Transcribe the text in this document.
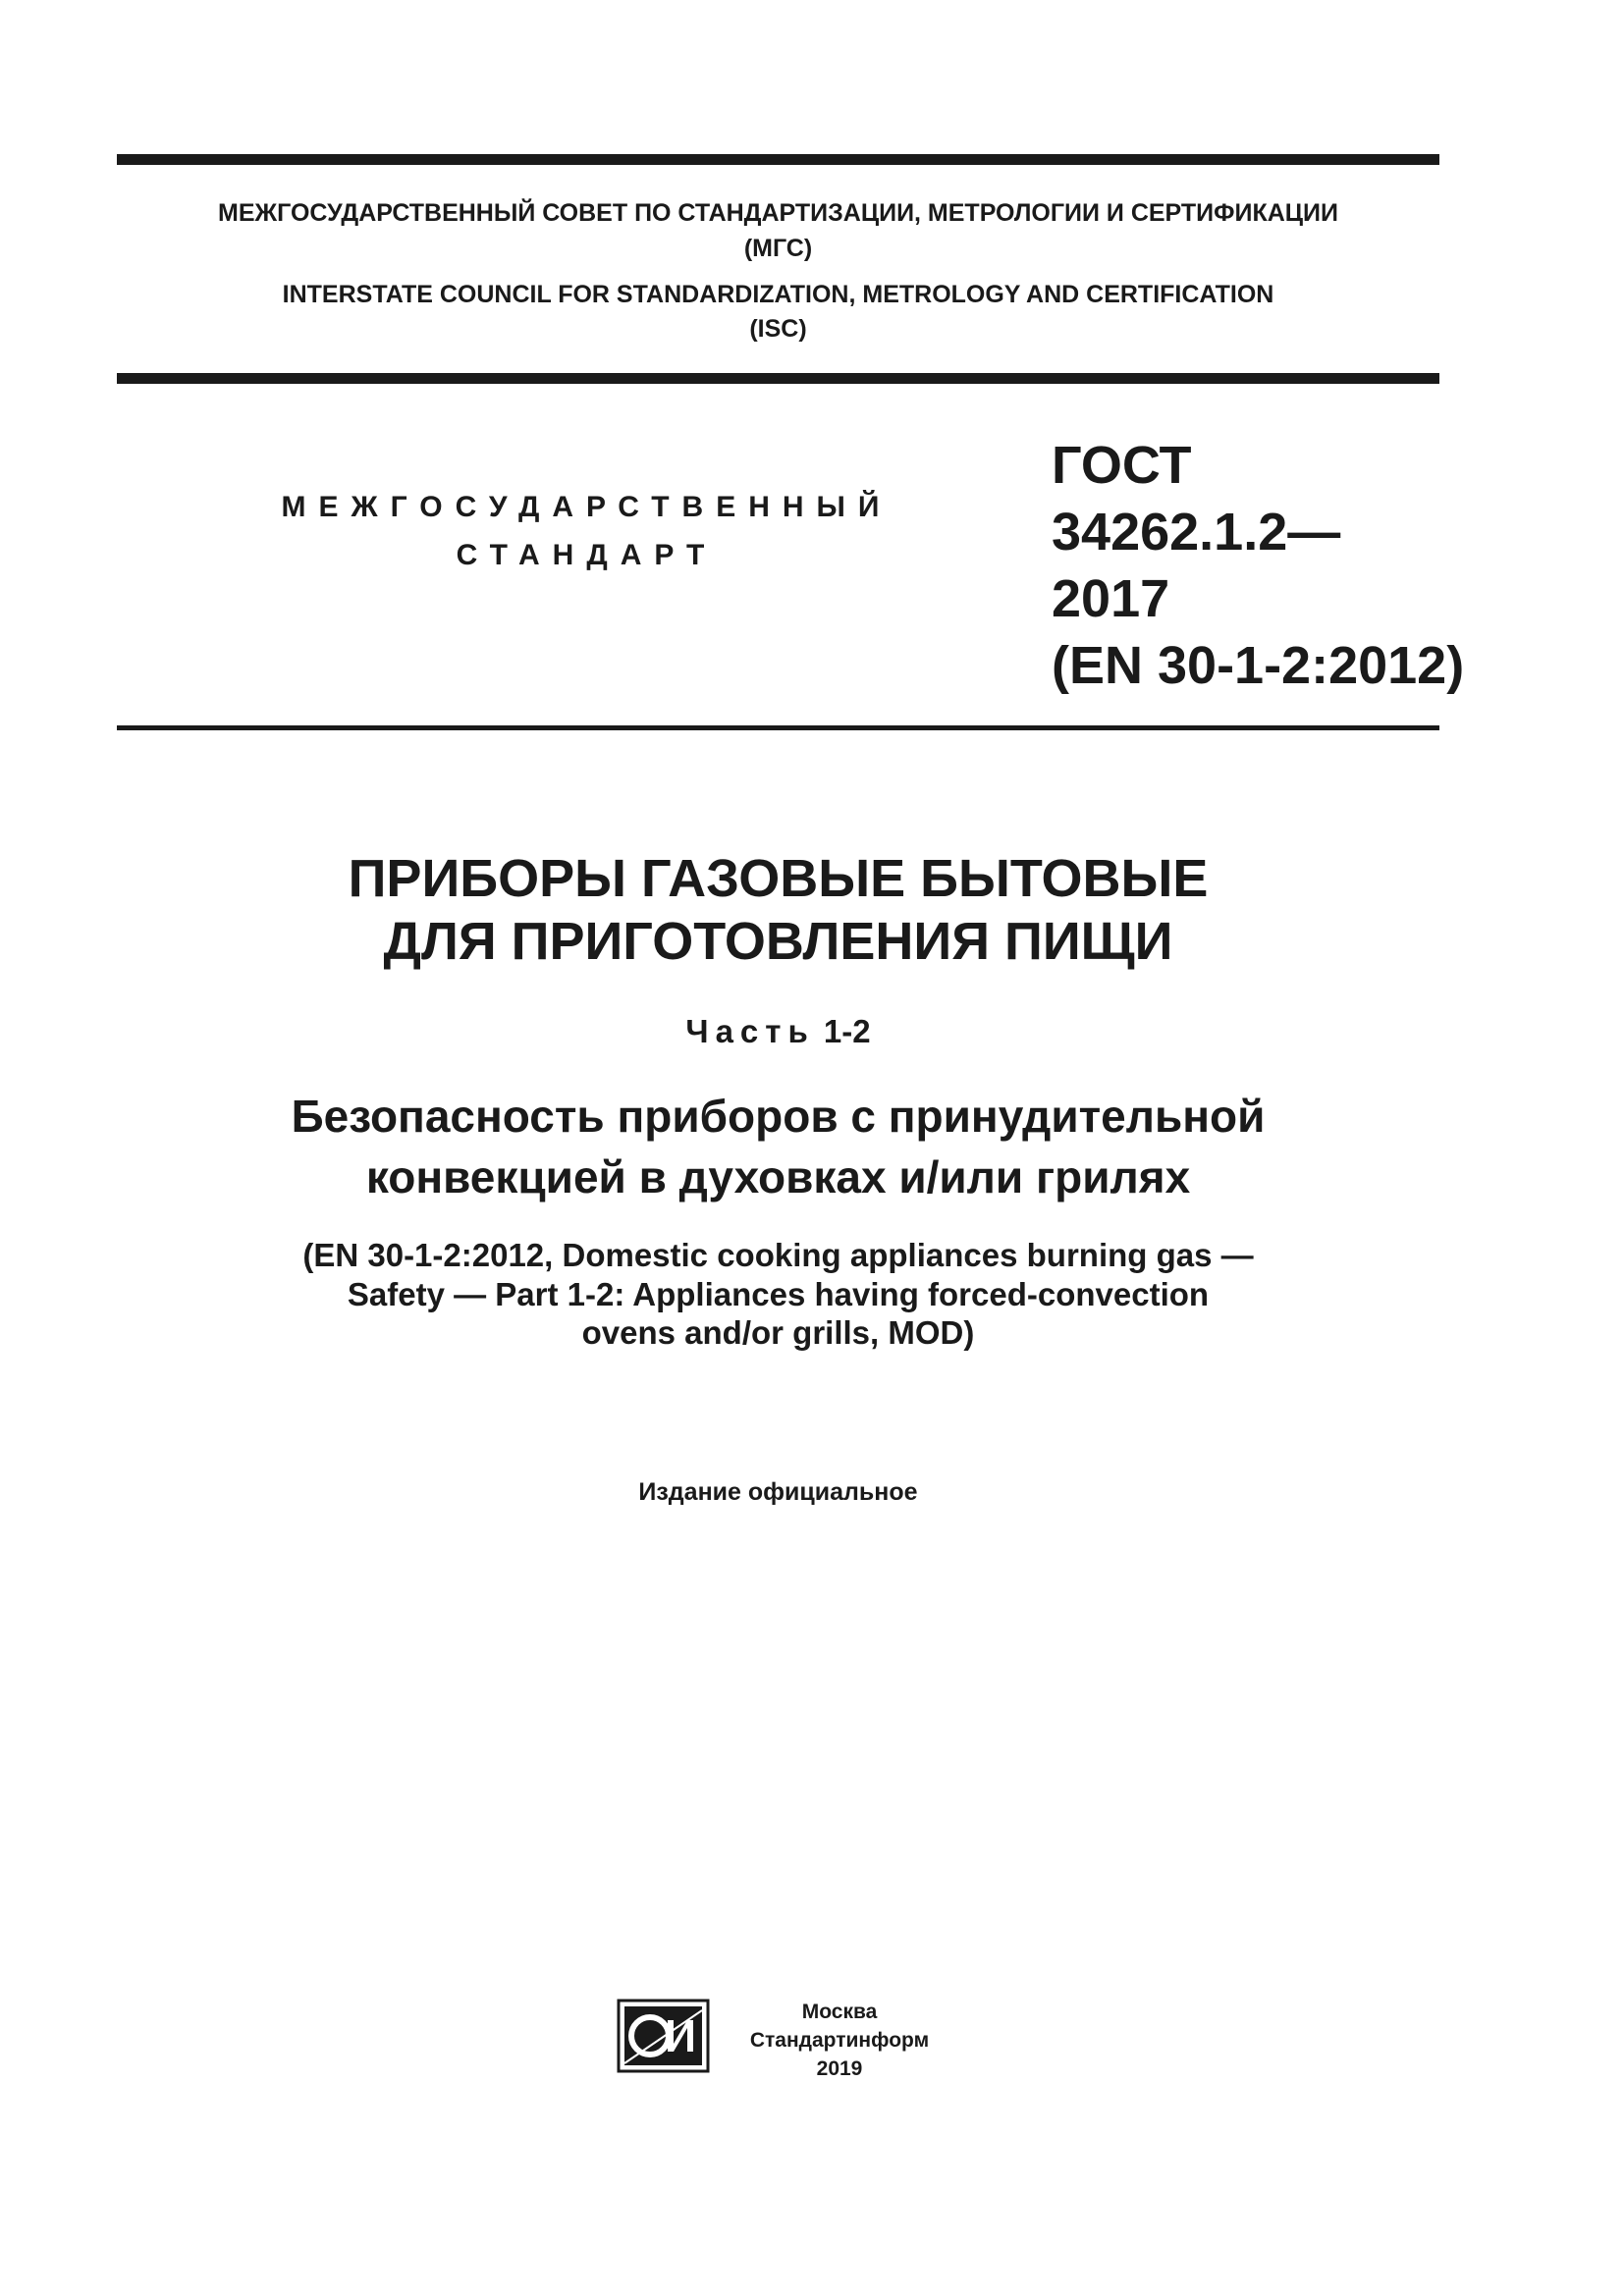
МЕЖГОСУДАРСТВЕННЫЙ СОВЕТ ПО СТАНДАРТИЗАЦИИ, МЕТРОЛОГИИ И СЕРТИФИКАЦИИ
(МГС)
INTERSTATE COUNCIL FOR STANDARDIZATION, METROLOGY AND CERTIFICATION
(ISC)
МЕЖГОСУДАРСТВЕННЫЙ
СТАНДАРТ
ГОСТ
34262.1.2—
2017
(EN 30-1-2:2012)
ПРИБОРЫ ГАЗОВЫЕ БЫТОВЫЕ
ДЛЯ ПРИГОТОВЛЕНИЯ ПИЩИ
Часть 1-2
Безопасность приборов с принудительной
конвекцией в духовках и/или грилях
(EN 30-1-2:2012, Domestic cooking appliances burning gas —
Safety — Part 1-2: Appliances having forced-convection
ovens and/or grills, MOD)
Издание официальное
Москва
Стандартинформ
2019
